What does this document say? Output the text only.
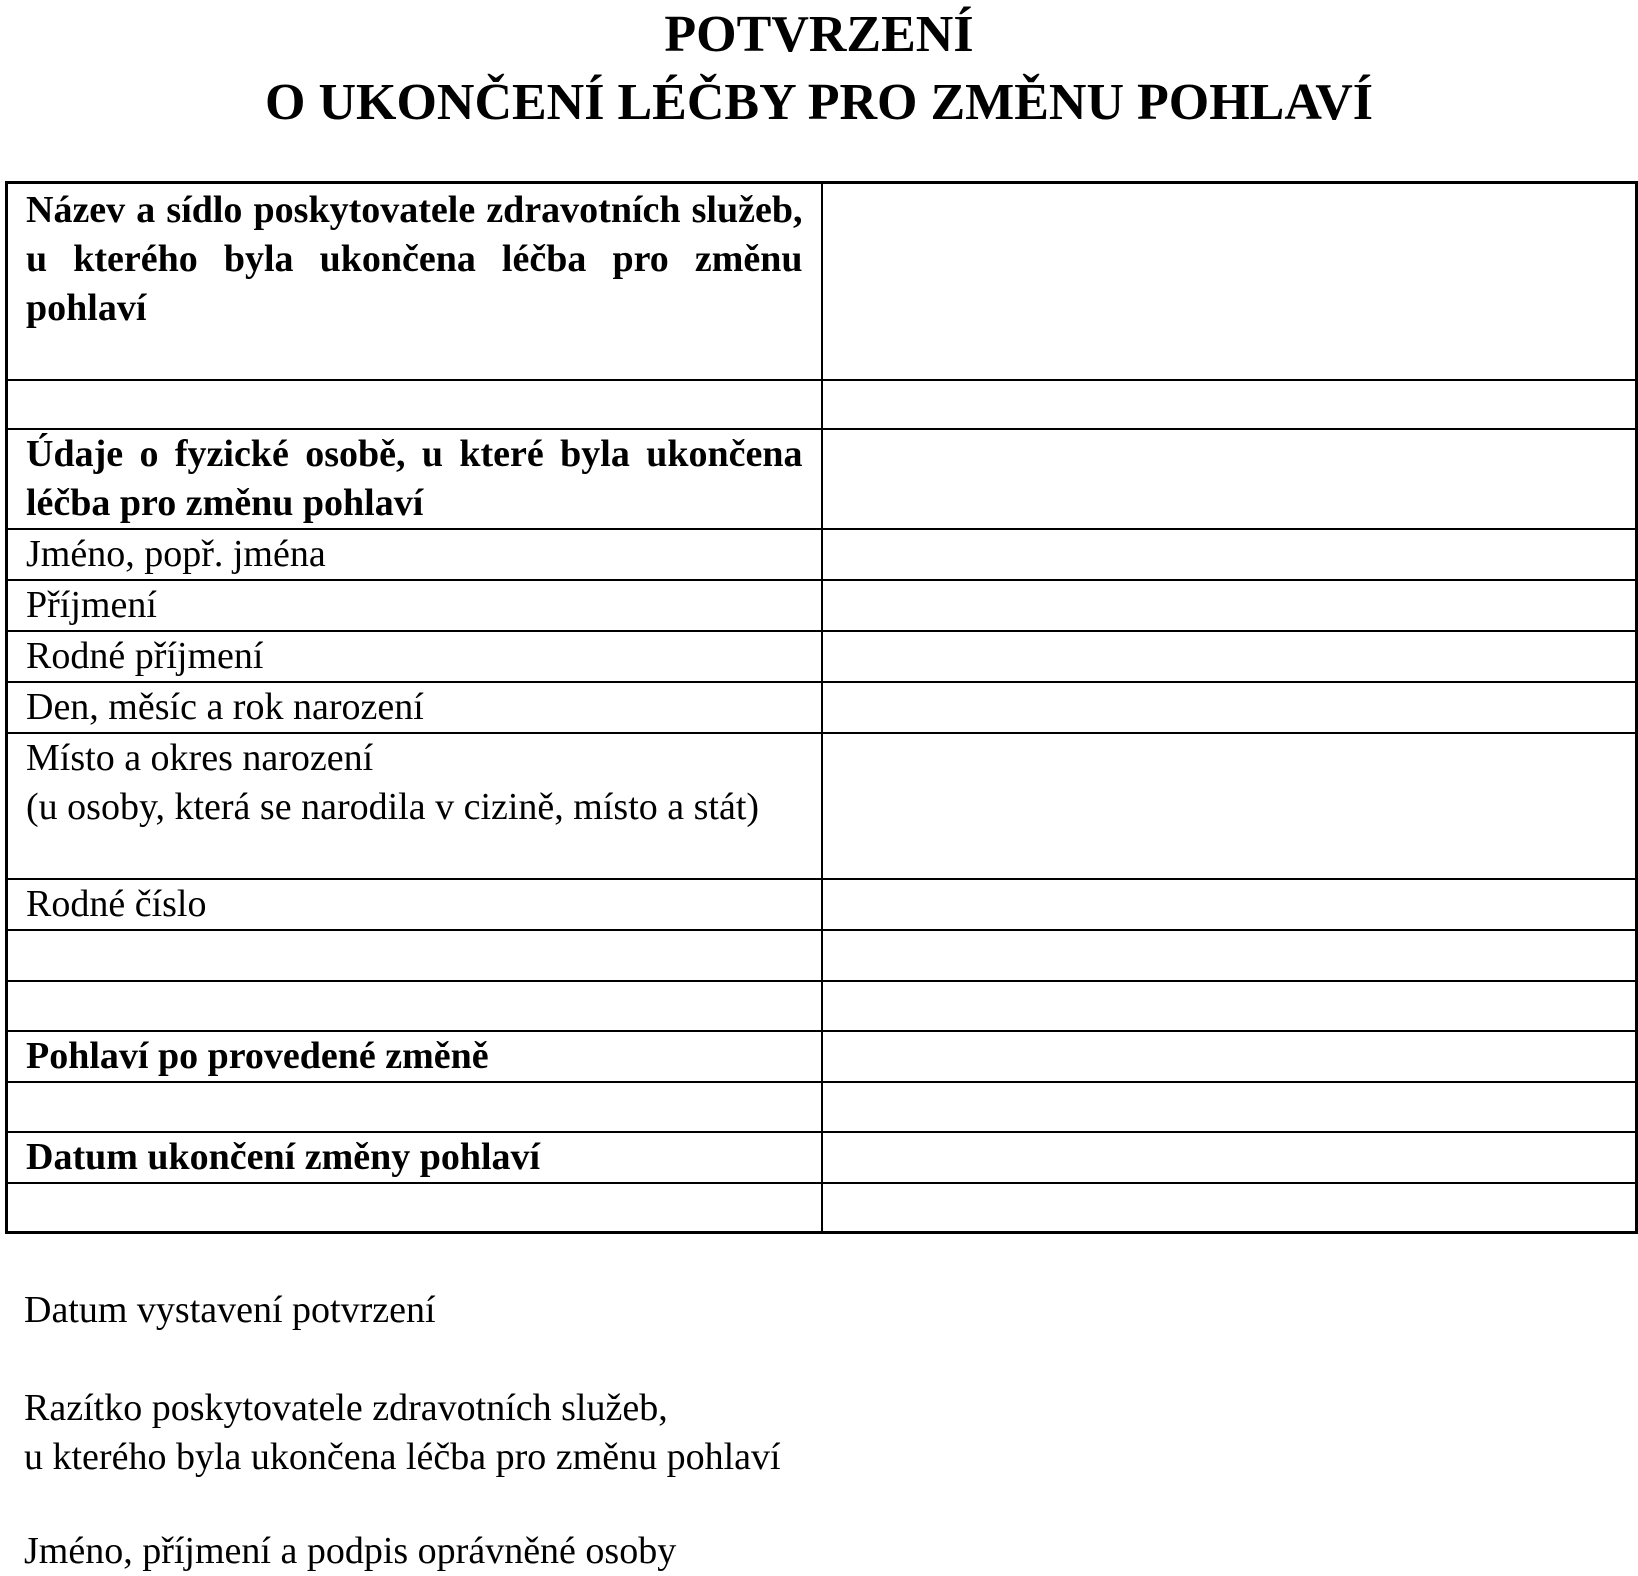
POTVRZENÍ
O UKONČENÍ LÉČBY PRO ZMĚNU POHLAVÍ
Název a sídlo poskytovatele zdravotních služeb, u kterého byla ukončena léčba pro změnu pohlaví	

Údaje o fyzické osobě, u které byla ukončena léčba pro změnu pohlaví	
Jméno, popř. jména	
Příjmení	
Rodné příjmení	
Den, měsíc a rok narození	

Místo a okres narození
(u osoby, která se narodila v cizině, místo a stát)	

Rodné číslo	

Pohlaví po provedené změně	

Datum ukončení změny pohlaví	

Datum vystavení potvrzení
Razítko poskytovatele zdravotních služeb,
u kterého byla ukončena léčba pro změnu pohlaví
Jméno, příjmení a podpis oprávněné osoby
